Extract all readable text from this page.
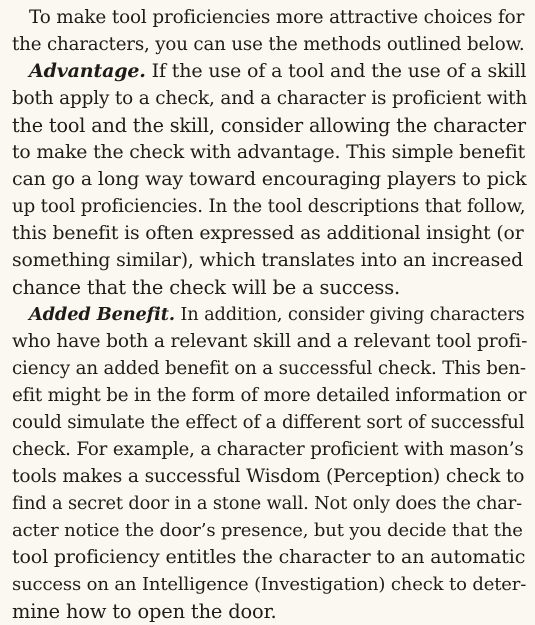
To make tool proficiencies more attractive choices for
the characters, you can use the methods outlined below.

Advantage. If the use of a tool and the use of a skill
both apply to a check, and a character is proficient with
the tool and the skill, consider allowing the character
to make the check with advantage. This simple benefit
can go a long way toward encouraging players to pick
up tool proficiencies. In the tool descriptions that follow,
this benefit is often expressed as additional insight (or
something similar), which translates into an increased
chance that the check will be a success.

Added Benefit. In addition, consider giving characters
who have both a relevant skill and a relevant tool profi-
ciency an added benefit on a successful check. This ben-
efit might be in the form of more detailed information or
could simulate the effect of a different sort of successful
check. For example, a character proficient with mason’s
tools makes a successful Wisdom (Perception) check to
find a secret door in a stone wall. Not only does the char-
acter notice the door’s presence, but you decide that the
tool proficiency entitles the character to an automatic
success on an Intelligence (Investigation) check to deter-
mine how to open the door.
